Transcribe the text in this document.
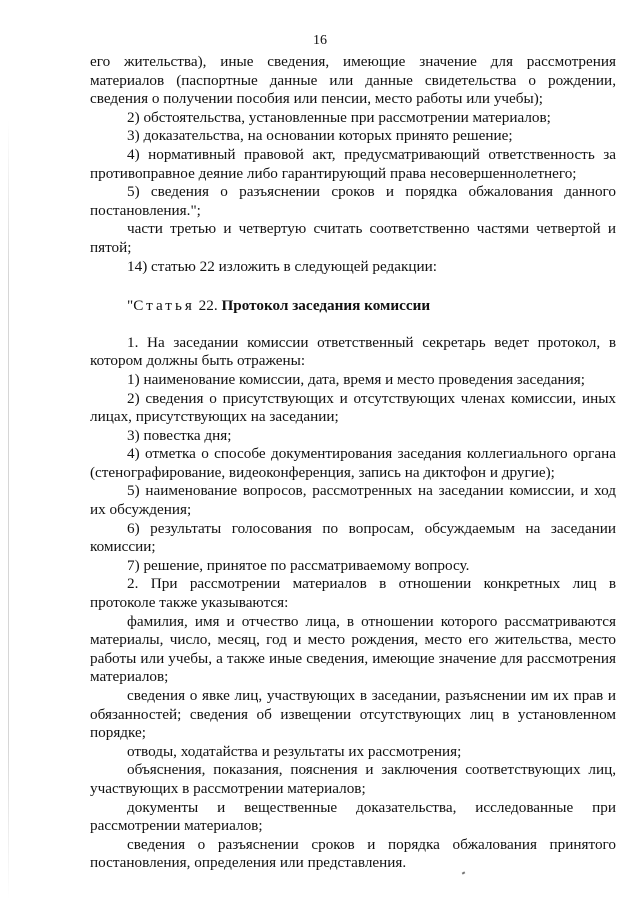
16

его жительства), иные сведения, имеющие значение для рассмотрения материалов (паспортные данные или данные свидетельства о рождении, сведения о получении пособия или пенсии, место работы или учебы);

2) обстоятельства, установленные при рассмотрении материалов;

3) доказательства, на основании которых принято решение;

4) нормативный правовой акт, предусматривающий ответственность за противоправное деяние либо гарантирующий права несовершеннолетнего;

5) сведения о разъяснении сроков и порядка обжалования данного постановления.";

части третью и четвертую считать соответственно частями четвертой и пятой;

14) статью 22 изложить в следующей редакции:

"Статья 22. Протокол заседания комиссии

1. На заседании комиссии ответственный секретарь ведет протокол, в котором должны быть отражены:

1) наименование комиссии, дата, время и место проведения заседания;

2) сведения о присутствующих и отсутствующих членах комиссии, иных лицах, присутствующих на заседании;

3) повестка дня;

4) отметка о способе документирования заседания коллегиального органа (стенографирование, видеоконференция, запись на диктофон и другие);

5) наименование вопросов, рассмотренных на заседании комиссии, и ход их обсуждения;

6) результаты голосования по вопросам, обсуждаемым на заседании комиссии;

7) решение, принятое по рассматриваемому вопросу.

2. При рассмотрении материалов в отношении конкретных лиц в протоколе также указываются:

фамилия, имя и отчество лица, в отношении которого рассматриваются материалы, число, месяц, год и место рождения, место его жительства, место работы или учебы, а также иные сведения, имеющие значение для рассмотрения материалов;

сведения о явке лиц, участвующих в заседании, разъяснении им их прав и обязанностей; сведения об извещении отсутствующих лиц в установленном порядке;

отводы, ходатайства и результаты их рассмотрения;

объяснения, показания, пояснения и заключения соответствующих лиц, участвующих в рассмотрении материалов;

документы и вещественные доказательства, исследованные при рассмотрении материалов;

сведения о разъяснении сроков и порядка обжалования принятого постановления, определения или представления.
